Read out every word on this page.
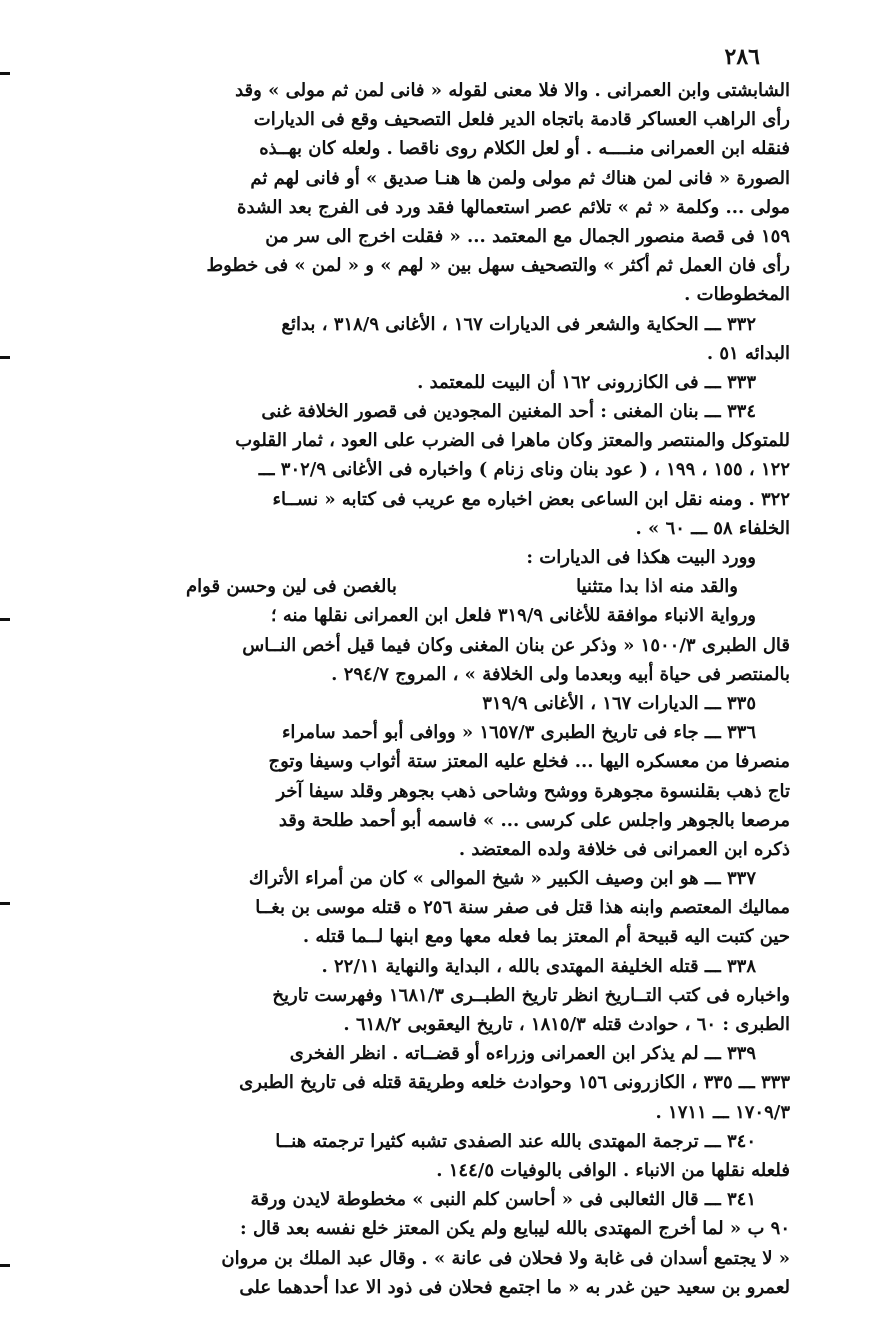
٢٨٦
الشابشتى وابن العمرانى . والا فلا معنى لقوله « فانى لمن ثم مولى » وقد
رأى الراهب العساكر قادمة باتجاه الدير فلعل التصحيف وقع فى الديارات
فنقله ابن العمرانى منــــه . أو لعل الكلام روى ناقصا . ولعله كان بهــذه
الصورة « فانى لمن هناك ثم مولى ولمن ها هنـا صديق » أو فانى لهم ثم
مولى ... وكلمة « ثم » تلائم عصر استعمالها فقد ورد فى الفرج بعد الشدة
١٥٩ فى قصة منصور الجمال مع المعتمد ... « فقلت اخرج الى سر من
رأى فان العمل ثم أكثر » والتصحيف سهل بين « لهم » و « لمن » فى خطوط
المخطوطات .
٣٣٢ ـــ الحكاية والشعر فى الديارات ١٦٧ ، الأغانى ٣١٨/٩ ، بدائع
البدائه ٥١ .
٣٣٣ ـــ فى الكازرونى ١٦٢ أن البيت للمعتمد .
٣٣٤ ـــ بنان المغنى : أحد المغنين المجودين فى قصور الخلافة غنى
للمتوكل والمنتصر والمعتز وكان ماهرا فى الضرب على العود ، ثمار القلوب
١٢٢ ، ١٥٥ ، ١٩٩ ، ( عود بنان وناى زنام ) واخباره فى الأغانى ٣٠٢/٩ ـــ
٣٢٢ . ومنه نقل ابن الساعى بعض اخباره مع عريب فى كتابه « نســاء
الخلفاء ٥٨ ـــ ٦٠ » .
وورد البيت هكذا فى الديارات :
والقد منه اذا بدا متثنيا
بالغصن فى لين وحسن قوام
ورواية الانباء موافقة للأغانى ٣١٩/٩ فلعل ابن العمرانى نقلها منه ؛
قال الطبرى ١٥٠٠/٣ « وذكر عن بنان المغنى وكان فيما قيل أخص النــاس
بالمنتصر فى حياة أبيه وبعدما ولى الخلافة » ، المروج ٢٩٤/٧ .
٣٣٥ ـــ الديارات ١٦٧ ، الأغانى ٣١٩/٩
٣٣٦ ـــ جاء فى تاريخ الطبرى ١٦٥٧/٣ « ووافى أبو أحمد سامراء
منصرفا من معسكره اليها ... فخلع عليه المعتز ستة أثواب وسيفا وتوج
تاج ذهب بقلنسوة مجوهرة ووشح وشاحى ذهب بجوهر وقلد سيفا آخر
مرصعا بالجوهر واجلس على كرسى ... » فاسمه أبو أحمد طلحة وقد
ذكره ابن العمرانى فى خلافة ولده المعتضد .
٣٣٧ ـــ هو ابن وصيف الكبير « شيخ الموالى » كان من أمراء الأتراك
مماليك المعتصم وابنه هذا قتل فى صفر سنة ٢٥٦ ه قتله موسى بن بغــا
حين كتبت اليه قبيحة أم المعتز بما فعله معها ومع ابنها لــما قتله .
٣٣٨ ـــ قتله الخليفة المهتدى بالله ، البداية والنهاية ٢٢/١١ .
واخباره فى كتب التــاريخ انظر تاريخ الطبــرى ١٦٨١/٣ وفهرست تاريخ
الطبرى : ٦٠ ، حوادث قتله ١٨١٥/٣ ، تاريخ اليعقوبى ٦١٨/٢ .
٣٣٩ ـــ لم يذكر ابن العمرانى وزراءه أو قضــاته . انظر الفخرى
٣٣٣ ـــ ٣٣٥ ، الكازرونى ١٥٦ وحوادث خلعه وطريقة قتله فى تاريخ الطبرى
١٧٠٩/٣ ـــ ١٧١١ .
٣٤٠ ـــ ترجمة المهتدى بالله عند الصفدى تشبه كثيرا ترجمته هنــا
فلعله نقلها من الانباء . الوافى بالوفيات ١٤٤/٥ .
٣٤١ ـــ قال الثعالبى فى « أحاسن كلم النبى » مخطوطة لايدن ورقة
٩٠ ب « لما أخرج المهتدى بالله ليبايع ولم يكن المعتز خلع نفسه بعد قال :
« لا يجتمع أسدان فى غابة ولا فحلان فى عانة » . وقال عبد الملك بن مروان
لعمرو بن سعيد حين غدر به « ما اجتمع فحلان فى ذود الا عدا أحدهما على
